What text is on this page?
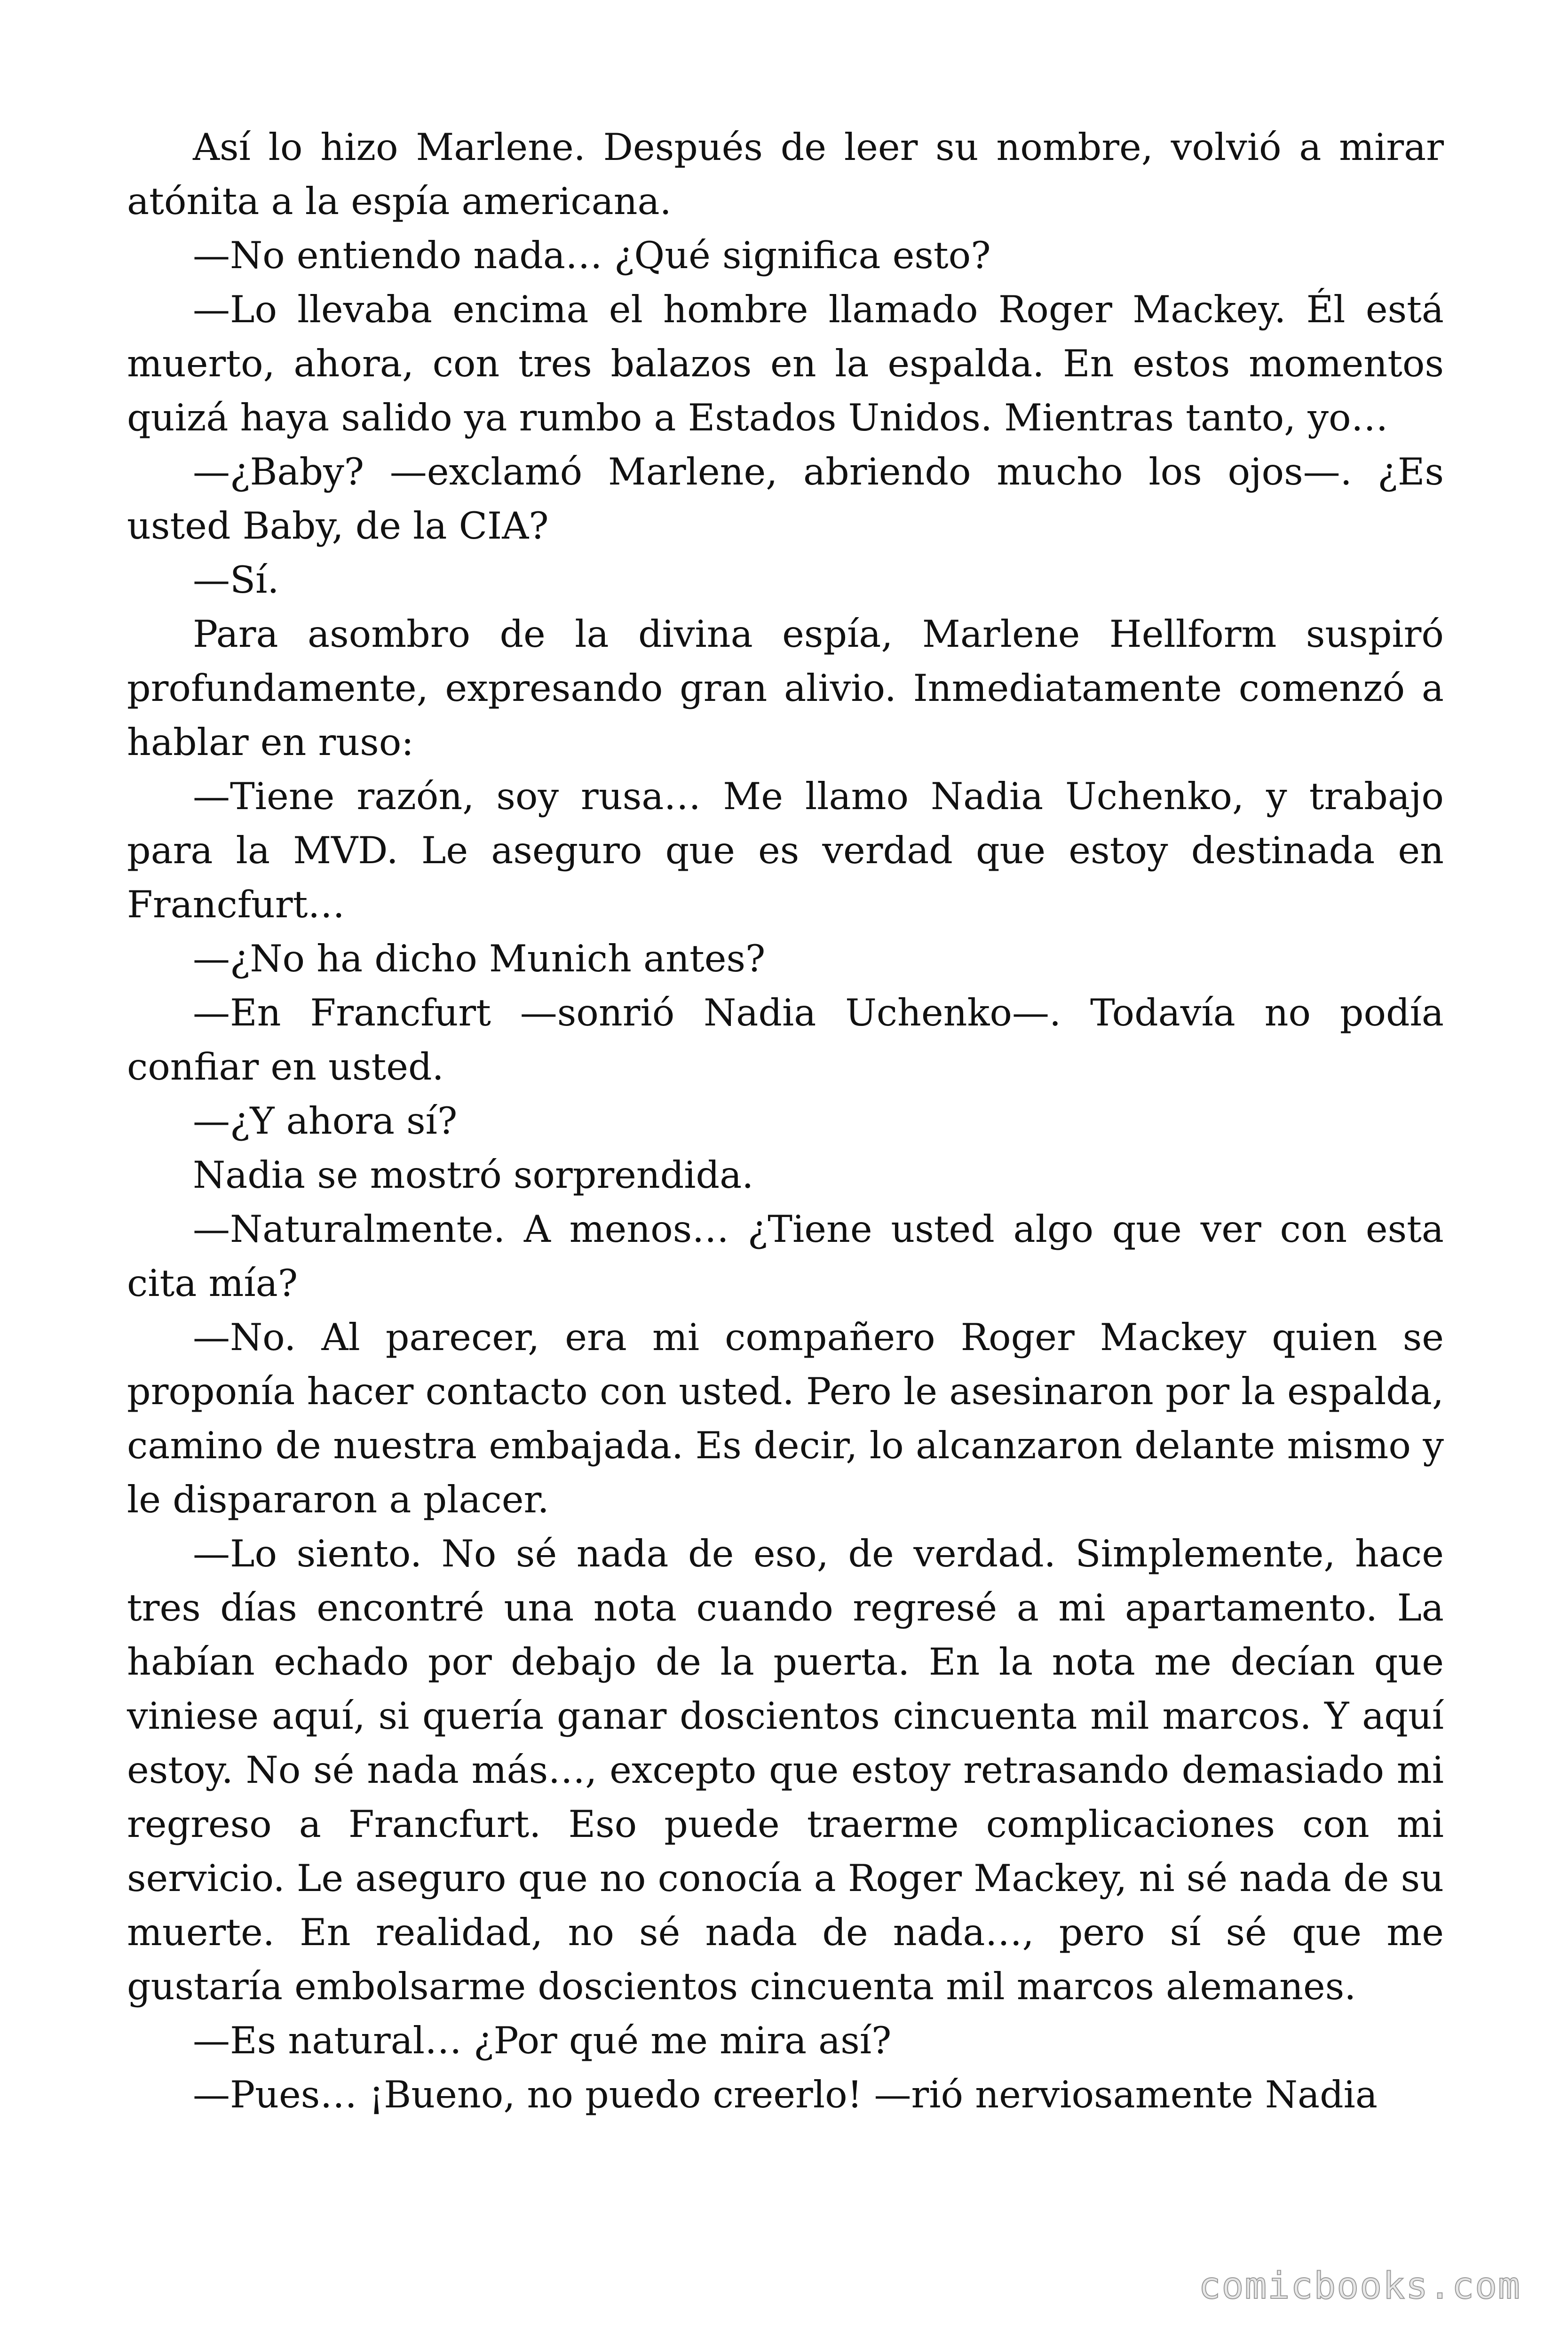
Así lo hizo Marlene. Después de leer su nombre, volvió a mirar atónita a la espía americana.

—No entiendo nada… ¿Qué significa esto?

—Lo llevaba encima el hombre llamado Roger Mackey. Él está muerto, ahora, con tres balazos en la espalda. En estos momentos quizá haya salido ya rumbo a Estados Unidos. Mientras tanto, yo…

—¿Baby? —exclamó Marlene, abriendo mucho los ojos—. ¿Es usted Baby, de la CIA?

—Sí.

Para asombro de la divina espía, Marlene Hellform suspiró profundamente, expresando gran alivio. Inmediatamente comenzó a hablar en ruso:

—Tiene razón, soy rusa… Me llamo Nadia Uchenko, y trabajo para la MVD. Le aseguro que es verdad que estoy destinada en Francfurt…

—¿No ha dicho Munich antes?

—En Francfurt —sonrió Nadia Uchenko—. Todavía no podía confiar en usted.

—¿Y ahora sí?

Nadia se mostró sorprendida.

—Naturalmente. A menos… ¿Tiene usted algo que ver con esta cita mía?

—No. Al parecer, era mi compañero Roger Mackey quien se proponía hacer contacto con usted. Pero le asesinaron por la espalda, camino de nuestra embajada. Es decir, lo alcanzaron delante mismo y le dispararon a placer.

—Lo siento. No sé nada de eso, de verdad. Simplemente, hace tres días encontré una nota cuando regresé a mi apartamento. La habían echado por debajo de la puerta. En la nota me decían que viniese aquí, si quería ganar doscientos cincuenta mil marcos. Y aquí estoy. No sé nada más…, excepto que estoy retrasando demasiado mi regreso a Francfurt. Eso puede traerme complicaciones con mi servicio. Le aseguro que no conocía a Roger Mackey, ni sé nada de su muerte. En realidad, no sé nada de nada…, pero sí sé que me gustaría embolsarme doscientos cincuenta mil marcos alemanes.

—Es natural… ¿Por qué me mira así?

—Pues… ¡Bueno, no puedo creerlo! —rió nerviosamente Nadia

comicbooks.com
